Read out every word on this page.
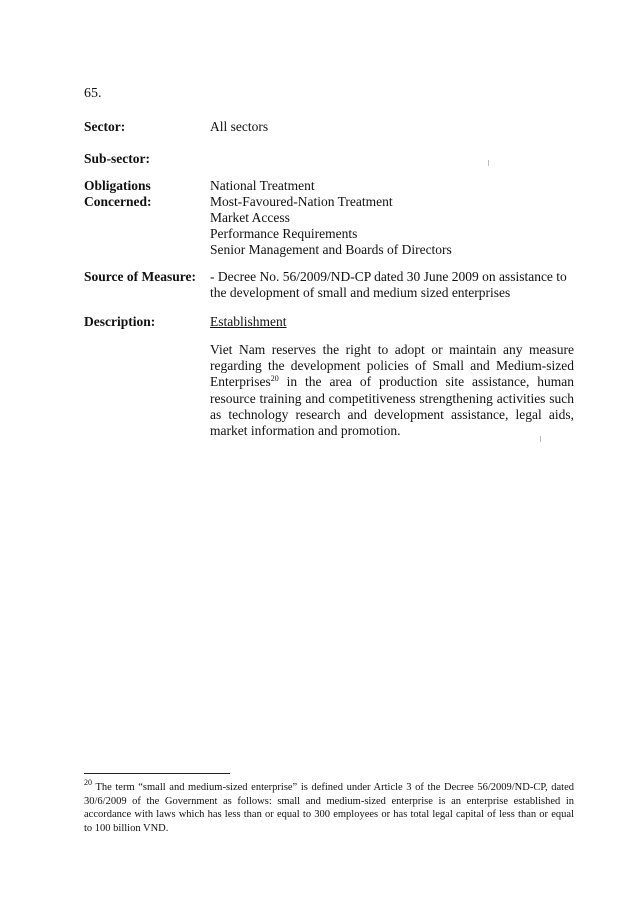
65.
Sector:	All sectors
Sub-sector:
Obligations
Concerned:
National Treatment
Most-Favoured-Nation Treatment
Market Access
Performance Requirements
Senior Management and Boards of Directors
Source of Measure:	- Decree No. 56/2009/ND-CP dated 30 June 2009 on assistance to
the development of small and medium sized enterprises
Description:	Establishment
Viet Nam reserves the right to adopt or maintain any measure
regarding the development policies of Small and Medium-sized
Enterprises$^{20}$ in the area of production site assistance, human
resource training and competitiveness strengthening activities such
as technology research and development assistance, legal aids,
market information and promotion.
$^{20}$ The term “small and medium-sized enterprise” is defined under Article 3 of the Decree 56/2009/ND-CP, dated
30/6/2009 of the Government as follows: small and medium-sized enterprise is an enterprise established in
accordance with laws which has less than or equal to 300 employees or has total legal capital of less than or equal
to 100 billion VND.
